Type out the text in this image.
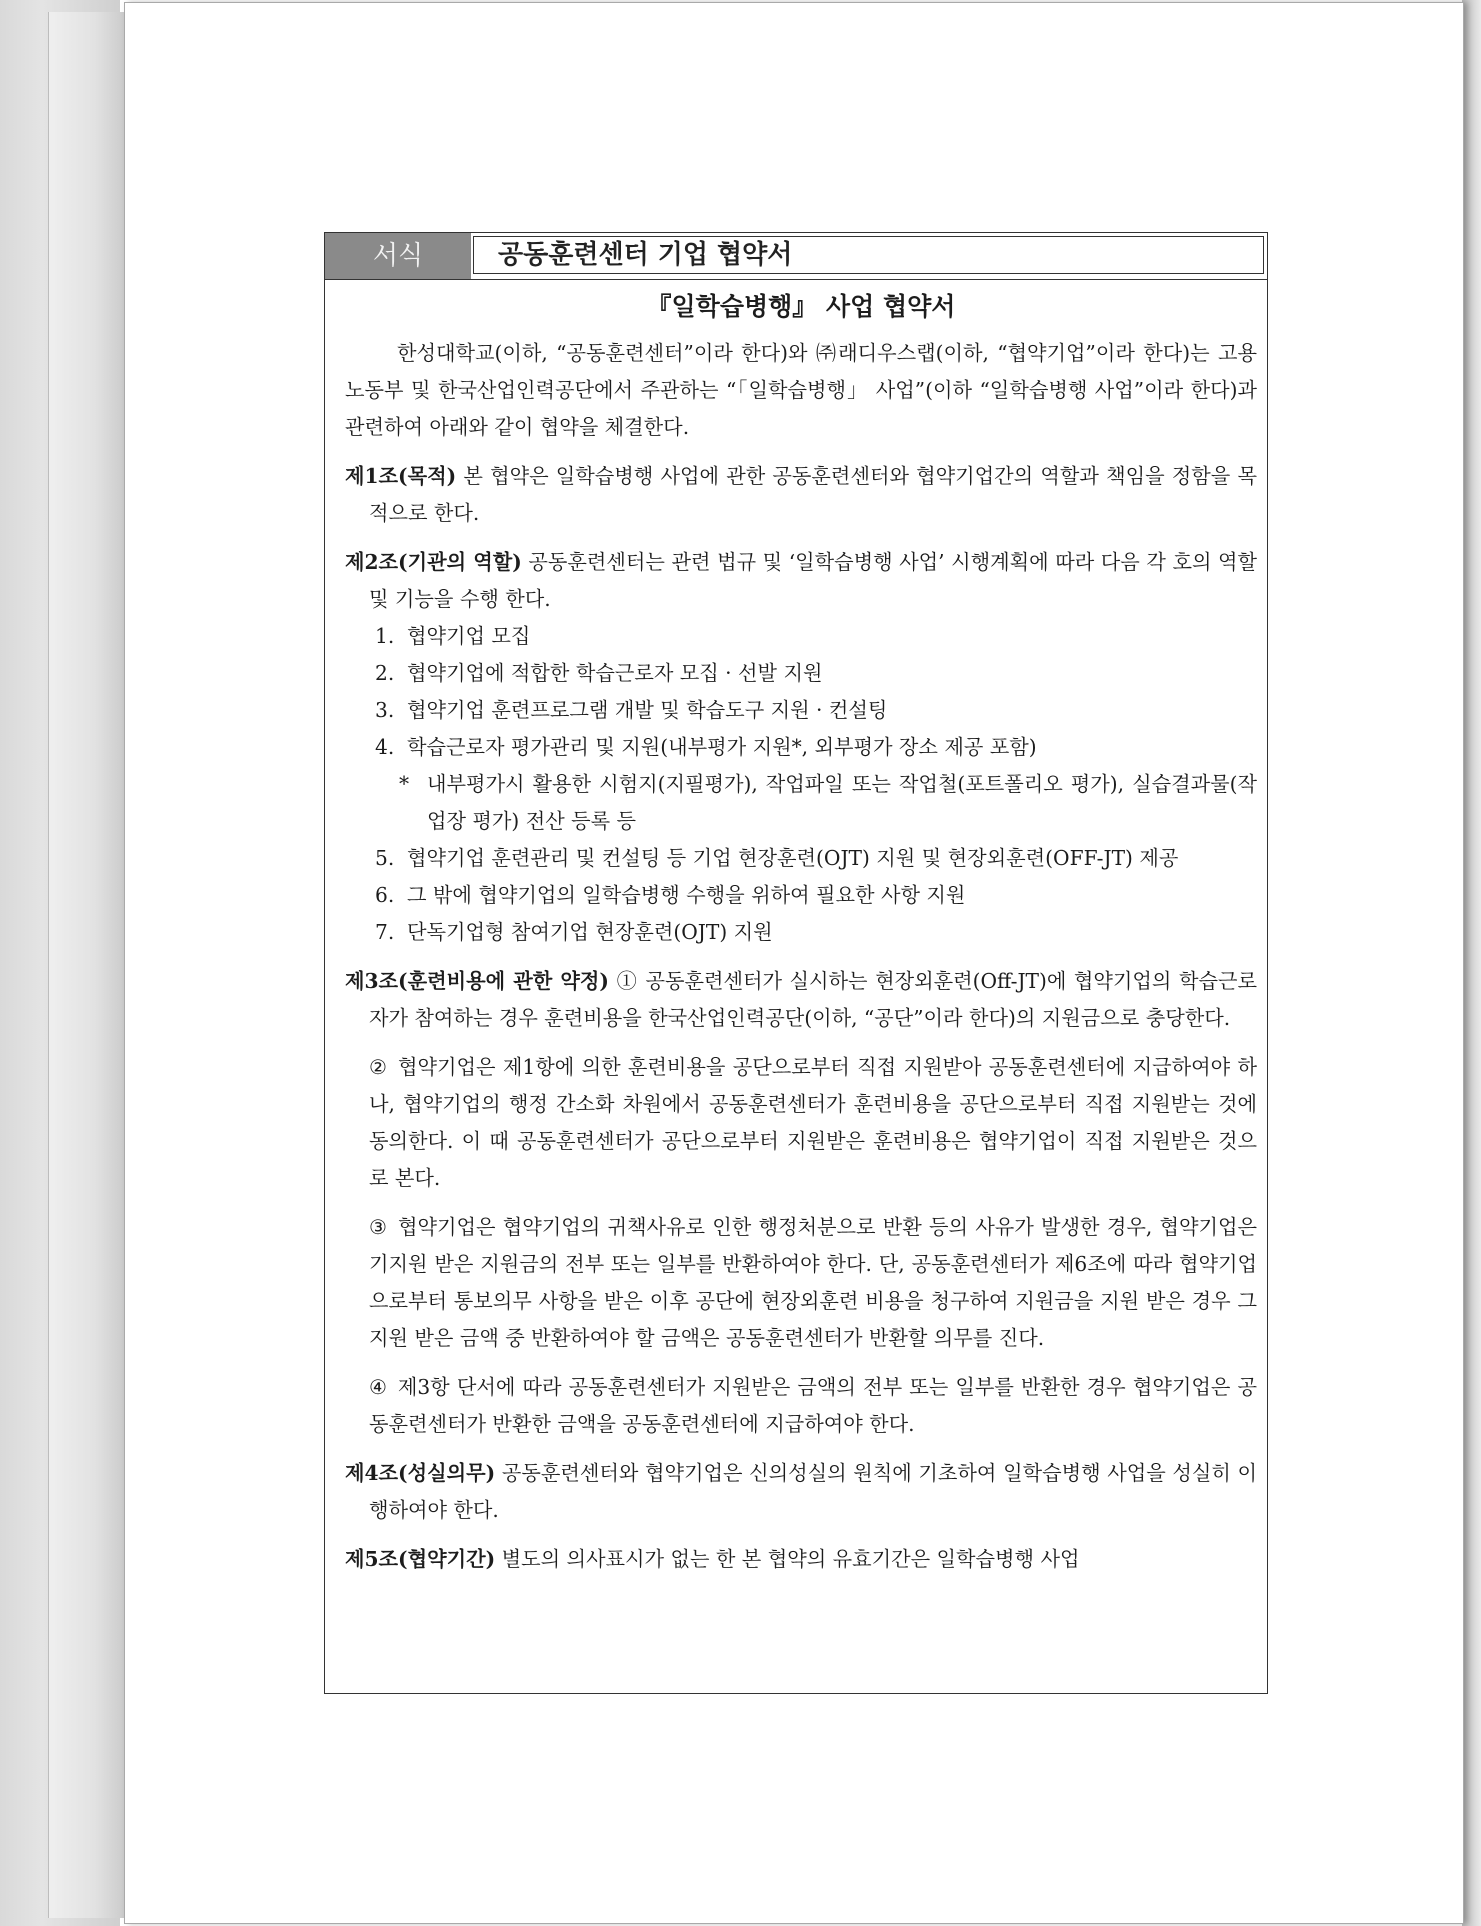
서식	공동훈련센터 기업 협약서
『일학습병행』 사업 협약서

한성대학교(이하, “공동훈련센터”이라 한다)와 ㈜래디우스랩(이하, “협약기업”이라 한다)는 고용노동부 및 한국산업인력공단에서 주관하는 “「일학습병행」 사업”(이하 “일학습병행 사업”이라 한다)과 관련하여 아래와 같이 협약을 체결한다.

제1조(목적) 본 협약은 일학습병행 사업에 관한 공동훈련센터와 협약기업간의 역할과 책임을 정함을 목적으로 한다.

제2조(기관의 역할) 공동훈련센터는 관련 법규 및 ‘일학습병행 사업’ 시행계획에 따라 다음 각 호의 역할 및 기능을 수행 한다.

1. 협약기업 모집
2. 협약기업에 적합한 학습근로자 모집 · 선발 지원
3. 협약기업 훈련프로그램 개발 및 학습도구 지원 · 컨설팅
4. 학습근로자 평가관리 및 지원(내부평가 지원*, 외부평가 장소 제공 포함)
* 내부평가시 활용한 시험지(지필평가), 작업파일 또는 작업철(포트폴리오 평가), 실습결과물(작업장 평가) 전산 등록 등
5. 협약기업 훈련관리 및 컨설팅 등 기업 현장훈련(OJT) 지원 및 현장외훈련(OFF-JT) 제공
6. 그 밖에 협약기업의 일학습병행 수행을 위하여 필요한 사항 지원
7. 단독기업형 참여기업 현장훈련(OJT) 지원

제3조(훈련비용에 관한 약정) ① 공동훈련센터가 실시하는 현장외훈련(Off-JT)에 협약기업의 학습근로자가 참여하는 경우 훈련비용을 한국산업인력공단(이하, “공단”이라 한다)의 지원금으로 충당한다.

② 협약기업은 제1항에 의한 훈련비용을 공단으로부터 직접 지원받아 공동훈련센터에 지급하여야 하나, 협약기업의 행정 간소화 차원에서 공동훈련센터가 훈련비용을 공단으로부터 직접 지원받는 것에 동의한다. 이 때 공동훈련센터가 공단으로부터 지원받은 훈련비용은 협약기업이 직접 지원받은 것으로 본다.

③ 협약기업은 협약기업의 귀책사유로 인한 행정처분으로 반환 등의 사유가 발생한 경우, 협약기업은 기지원 받은 지원금의 전부 또는 일부를 반환하여야 한다. 단, 공동훈련센터가 제6조에 따라 협약기업으로부터 통보의무 사항을 받은 이후 공단에 현장외훈련 비용을 청구하여 지원금을 지원 받은 경우 그 지원 받은 금액 중 반환하여야 할 금액은 공동훈련센터가 반환할 의무를 진다.

④ 제3항 단서에 따라 공동훈련센터가 지원받은 금액의 전부 또는 일부를 반환한 경우 협약기업은 공동훈련센터가 반환한 금액을 공동훈련센터에 지급하여야 한다.

제4조(성실의무) 공동훈련센터와 협약기업은 신의성실의 원칙에 기초하여 일학습병행 사업을 성실히 이행하여야 한다.

제5조(협약기간) 별도의 의사표시가 없는 한 본 협약의 유효기간은 일학습병행 사업
